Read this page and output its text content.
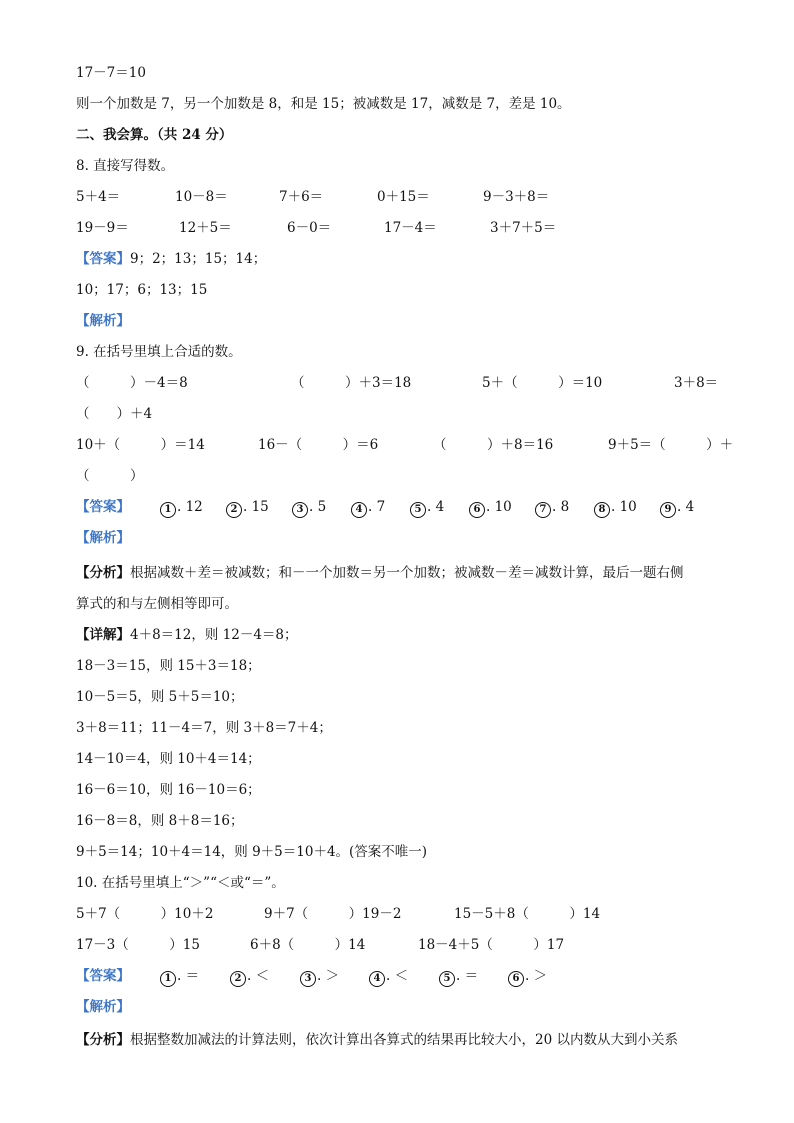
17－7＝10
则一个加数是 7，另一个加数是 8，和是 15；被减数是 17，减数是 7，差是 10。
二、我会算。（共 24 分）
8. 直接写得数。
5＋4＝	10－8＝	7＋6＝	0＋15＝	9－3＋8＝
19－9＝	12＋5＝	6－0＝	17－4＝	3＋7＋5＝
【答案】9；2；13；15；14；
10；17；6；13；15
【解析】
9. 在括号里填上合适的数。
（　　　）－4＝8	（　　　）＋3＝18	5＋（　　　）＝10	3＋8＝
（　　）＋4
10＋（　　　）＝14	16－（　　　）＝6	（　　　）＋8＝16	9＋5＝（　　　）＋
（　　　）
【答案】	1 . 12	2 . 15	3 . 5	4 . 7	5 . 4	6 . 10	7 . 8	8 . 10	9 . 4
【解析】
【分析】根据减数＋差＝被减数；和－一个加数＝另一个加数；被减数－差＝减数计算，最后一题右侧
算式的和与左侧相等即可。
【详解】4＋8＝12，则 12－4＝8；
18－3＝15，则 15＋3＝18；
10－5＝5，则 5＋5＝10；
3＋8＝11；11－4＝7，则 3＋8＝7＋4；
14－10＝4，则 10＋4＝14；
16－6＝10，则 16－10＝6；
16－8＝8，则 8＋8＝16；
9＋5＝14；10＋4＝14，则 9＋5＝10＋4。(答案不唯一)
10. 在括号里填上“＞”“＜或“＝”。
5＋7（　　　）10＋2	9＋7（　　　）19－2	15－5＋8（　　　）14
17－3（　　　）15	6＋8（　　　）14	18－4＋5（　　　）17
【答案】	1 . ＝	2 . ＜	3 . ＞	4 . ＜	5 . ＝	6 . ＞
【解析】
【分析】根据整数加减法的计算法则，依次计算出各算式的结果再比较大小，20 以内数从大到小关系
